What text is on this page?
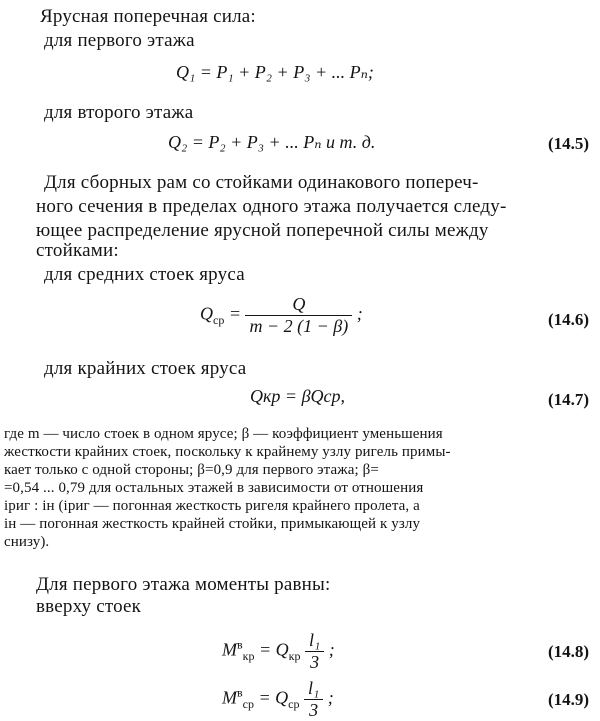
Ярусная поперечная сила:
для первого этажа
Q₁ = P₁ + P₂ + P₃ + ... Pₙ;
для второго этажа
Q₂ = P₂ + P₃ + ... Pₙ и т. д.	(14.5)
Для сборных рам со стойками одинакового попереч-
ного сечения в пределах одного этажа получается следу-
ющее распределение ярусной поперечной силы между
стойками:
для средних стоек яруса
$Q_{ср} = \frac{Q}{m - 2 (1 - \beta)}$ ;	(14.6)
для крайних стоек яруса
Qкр = βQср,	(14.7)
где m — число стоек в одном ярусе; β — коэффициент уменьшения
жесткости крайних стоек, поскольку к крайнему узлу ригель примы-
кает только с одной стороны; β=0,9 для первого этажа; β=
=0,54 ... 0,79 для остальных этажей в зависимости от отношения
iриг : iн (iриг — погонная жесткость ригеля крайнего пролета, а
iн — погонная жесткость крайней стойки, примыкающей к узлу
снизу).
Для первого этажа моменты равны:
вверху стоек
$M^в_{кр} = Q_{кр} \frac{\text{l₁}}{3}$ ;	(14.8)
$M^в_{ср} = Q_{ср} \frac{\text{l₁}}{3}$ ;	(14.9)
